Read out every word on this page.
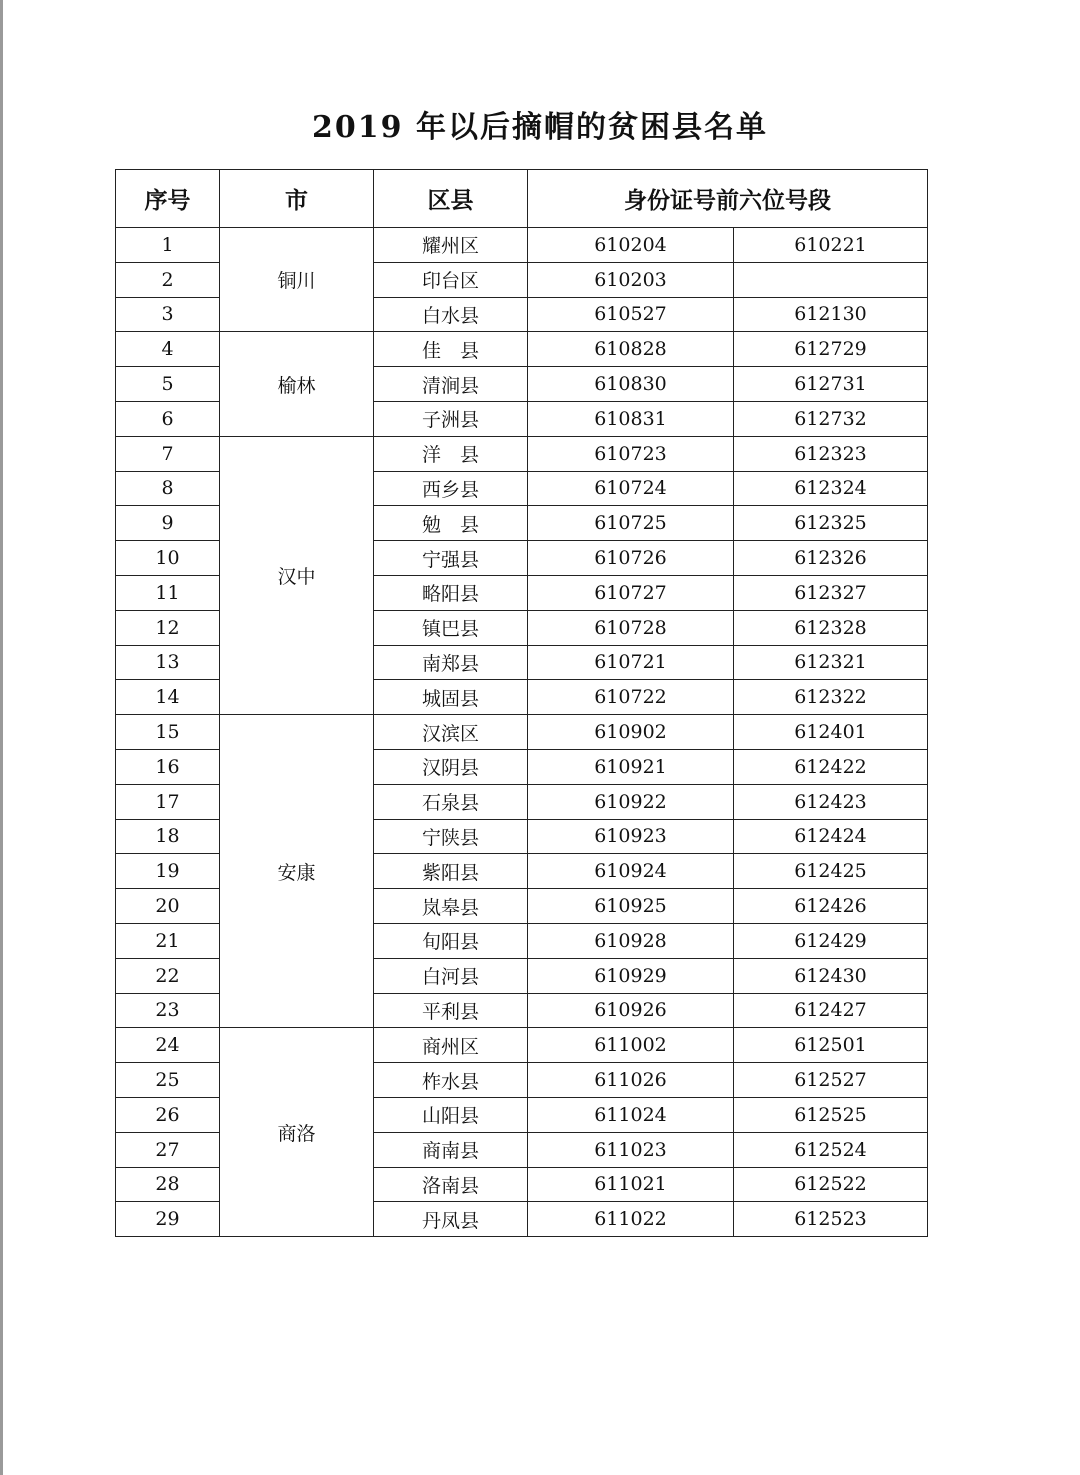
2019 年以后摘帽的贫困县名单
序号	市	区县	身份证号前六位号段	
1	铜川	耀州区	610204	610221
2		印台区	610203	
3		白水县	610527	612130
4	榆林	佳　县	610828	612729
5		清涧县	610830	612731
6		子洲县	610831	612732
7	汉中	洋　县	610723	612323
8		西乡县	610724	612324
9		勉　县	610725	612325
10		宁强县	610726	612326
11		略阳县	610727	612327
12		镇巴县	610728	612328
13		南郑县	610721	612321
14		城固县	610722	612322
15	安康	汉滨区	610902	612401
16		汉阴县	610921	612422
17		石泉县	610922	612423
18		宁陕县	610923	612424
19		紫阳县	610924	612425
20		岚皋县	610925	612426
21		旬阳县	610928	612429
22		白河县	610929	612430
23		平利县	610926	612427
24	商洛	商州区	611002	612501
25		柞水县	611026	612527
26		山阳县	611024	612525
27		商南县	611023	612524
28		洛南县	611021	612522
29		丹凤县	611022	612523
